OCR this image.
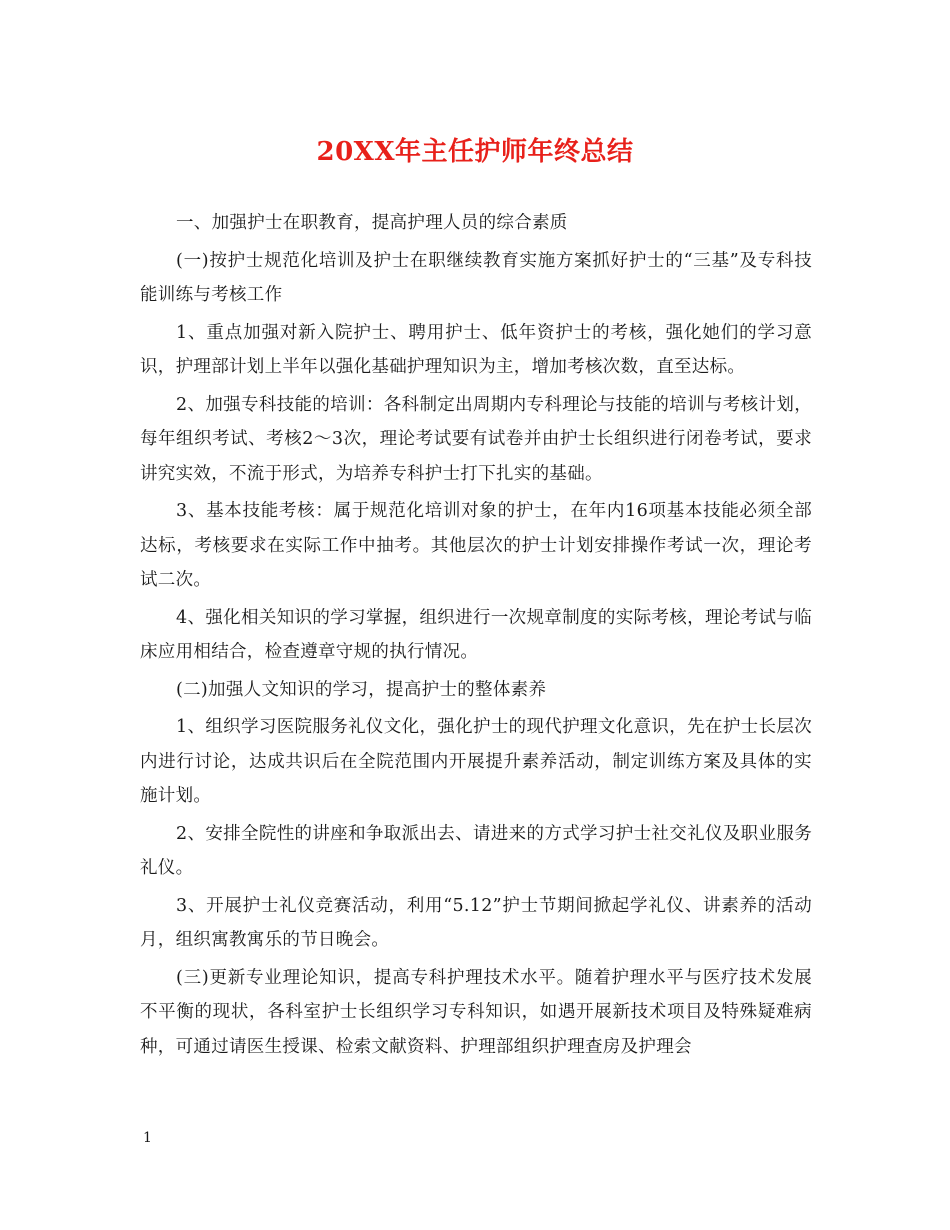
20XX年主任护师年终总结

一、加强护士在职教育，提高护理人员的综合素质

(一)按护士规范化培训及护士在职继续教育实施方案抓好护士的“三基”及专科技能训练与考核工作

1、重点加强对新入院护士、聘用护士、低年资护士的考核，强化她们的学习意识，护理部计划上半年以强化基础护理知识为主，增加考核次数，直至达标。

2、加强专科技能的培训：各科制定出周期内专科理论与技能的培训与考核计划，每年组织考试、考核2～3次，理论考试要有试卷并由护士长组织进行闭卷考试，要求讲究实效，不流于形式，为培养专科护士打下扎实的基础。

3、基本技能考核：属于规范化培训对象的护士，在年内16项基本技能必须全部达标，考核要求在实际工作中抽考。其他层次的护士计划安排操作考试一次，理论考试二次。

4、强化相关知识的学习掌握，组织进行一次规章制度的实际考核，理论考试与临床应用相结合，检查遵章守规的执行情况。

(二)加强人文知识的学习，提高护士的整体素养

1、组织学习医院服务礼仪文化，强化护士的现代护理文化意识，先在护士长层次内进行讨论，达成共识后在全院范围内开展提升素养活动，制定训练方案及具体的实施计划。

2、安排全院性的讲座和争取派出去、请进来的方式学习护士社交礼仪及职业服务礼仪。

3、开展护士礼仪竞赛活动，利用“5.12”护士节期间掀起学礼仪、讲素养的活动月，组织寓教寓乐的节日晚会。

(三)更新专业理论知识，提高专科护理技术水平。随着护理水平与医疗技术发展不平衡的现状，各科室护士长组织学习专科知识，如遇开展新技术项目及特殊疑难病种，可通过请医生授课、检索文献资料、护理部组织护理查房及护理会

1
